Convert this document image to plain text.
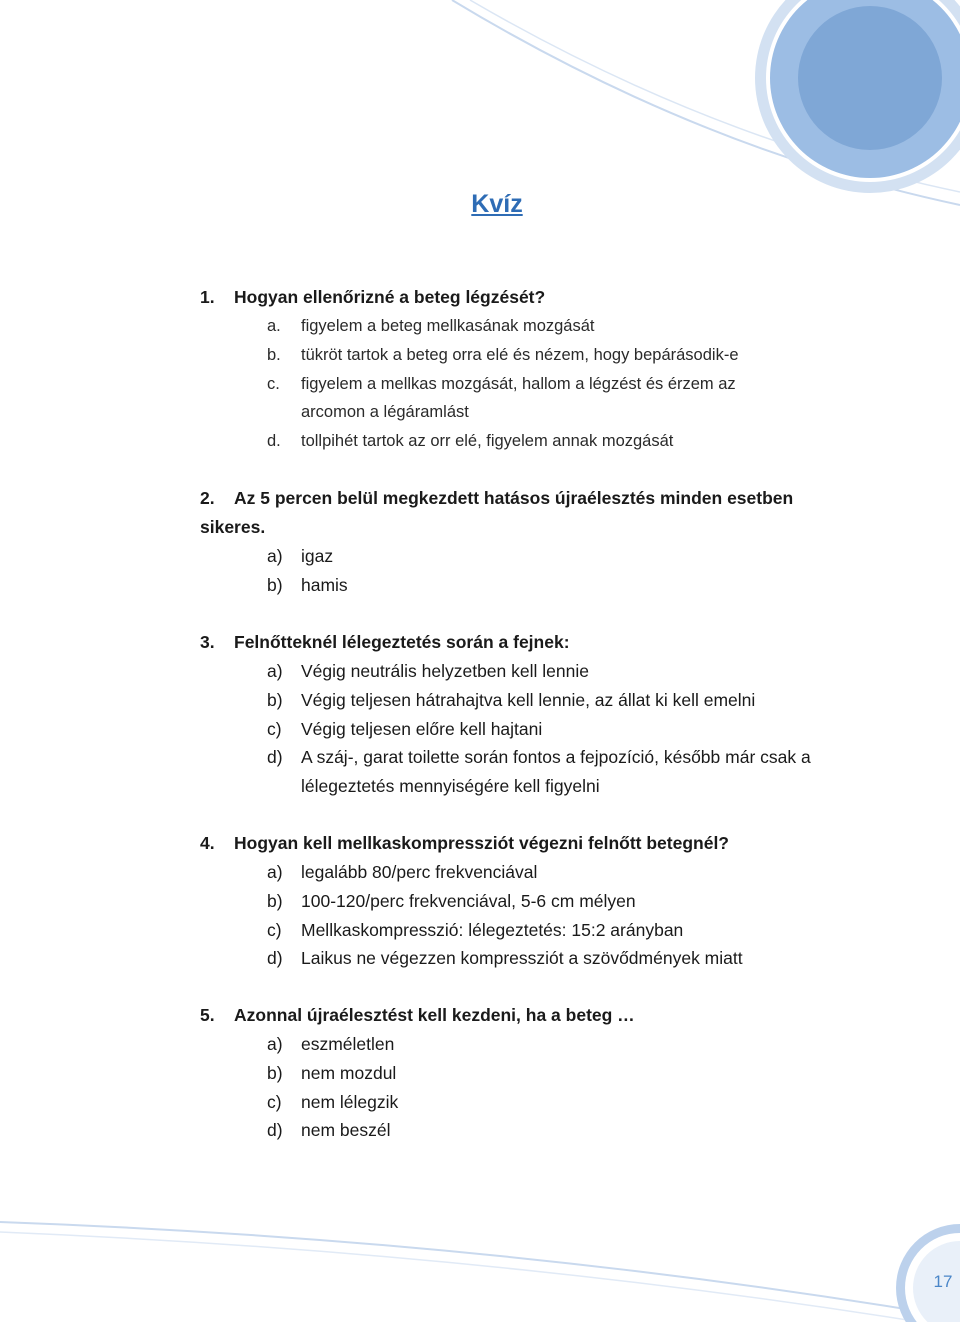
Kvíz
1.	Hogyan ellenőrizné a beteg légzését?
a. figyelem a beteg mellkasának mozgását
b. tükröt tartok a beteg orra elé és nézem, hogy bepárásodik-e
c. figyelem a mellkas mozgását, hallom a légzést és érzem az arcomon a légáramlást
d. tollpihét tartok az orr elé, figyelem annak mozgását
2.	Az 5 percen belül megkezdett hatásos újraélesztés minden esetben sikeres.
a) igaz
b) hamis
3.	Felnőtteknél lélegeztetés során a fejnek:
a) Végig neutrális helyzetben kell lennie
b) Végig teljesen hátrahajtva kell lennie, az állat ki kell emelni
c) Végig teljesen előre kell hajtani
d) A száj-, garat toilette során fontos a fejpozíció, később már csak a lélegeztetés mennyiségére kell figyelni
4.	Hogyan kell mellkaskompressziót végezni felnőtt betegnél?
a) legalább 80/perc frekvenciával
b) 100-120/perc frekvenciával, 5-6 cm mélyen
c) Mellkaskompresszió: lélegeztetés: 15:2 arányban
d) Laikus ne végezzen kompressziót a szövődmények miatt
5.	Azonnal újraélesztést kell kezdeni, ha a beteg …
a) eszméletlen
b) nem mozdul
c) nem lélegzik
d) nem beszél
17
